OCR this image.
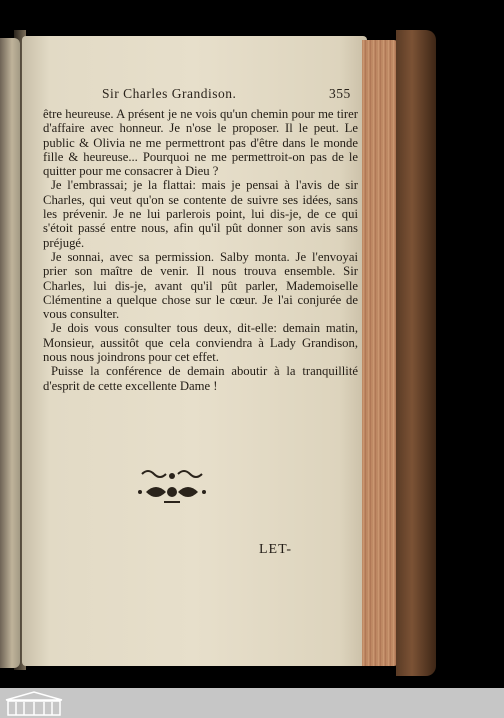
Sir Charles Grandison.	355

être heureuse. A présent je ne vois qu'un chemin pour me tirer d'affaire avec honneur. Je n'ose le proposer. Il le peut. Le public & Olivia ne me permettront pas d'être dans le monde fille & heureuse... Pourquoi ne me permettroit-on pas de le quitter pour me consacrer à Dieu ?

Je l'embrassai; je la flattai: mais je pensai à l'avis de sir Charles, qui veut qu'on se contente de suivre ses idées, sans les prévenir. Je ne lui parlerois point, lui dis-je, de ce qui s'étoit passé entre nous, afin qu'il pût donner son avis sans préjugé.

Je sonnai, avec sa permission. Salby monta. Je l'envoyai prier son maître de venir. Il nous trouva ensemble. Sir Charles, lui dis-je, avant qu'il pût parler, Mademoiselle Clémentine a quelque chose sur le cœur. Je l'ai conjurée de vous consulter.

Je dois vous consulter tous deux, dit-elle: demain matin, Monsieur, aussitôt que cela conviendra à Lady Grandison, nous nous joindrons pour cet effet.

Puisse la conférence de demain aboutir à la tranquillité d'esprit de cette excellente Dame !

LET-
